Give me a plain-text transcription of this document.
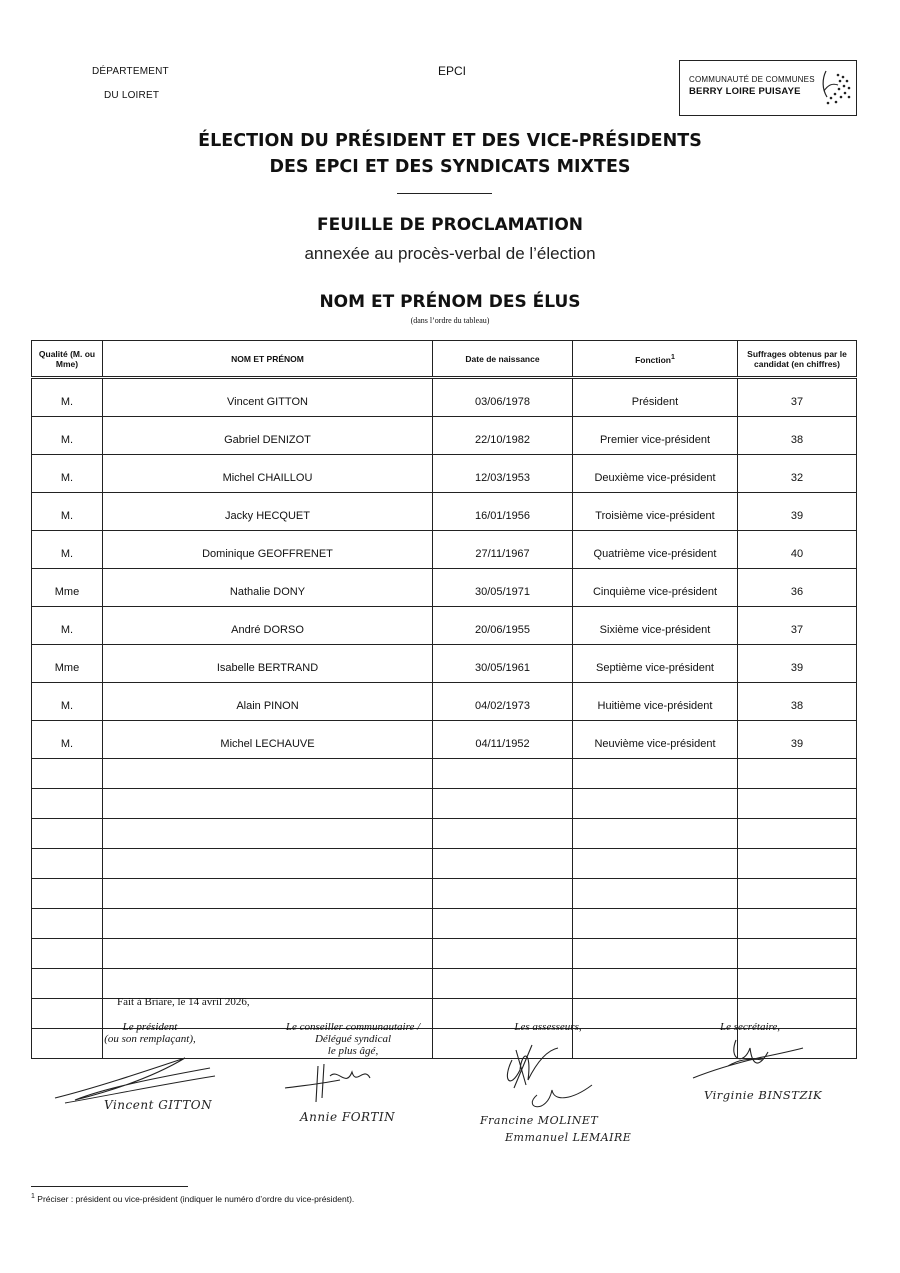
DÉPARTEMENT
DU LOIRET
EPCI
COMMUNAUTÉ DE COMMUNES
BERRY LOIRE PUISAYE
ÉLECTION DU PRÉSIDENT ET DES VICE-PRÉSIDENTS
DES EPCI ET DES SYNDICATS MIXTES
FEUILLE DE PROCLAMATION
annexée au procès-verbal de l’élection
NOM ET PRÉNOM DES ÉLUS
(dans l’ordre du tableau)
Qualité (M. ou Mme)	NOM ET PRÉNOM	Date de naissance	Fonction$^1$	Suffrages obtenus par le candidat (en chiffres)
M.	Vincent GITTON	03/06/1978	Président	37
M.	Gabriel DENIZOT	22/10/1982	Premier vice-président	38
M.	Michel CHAILLOU	12/03/1953	Deuxième vice-président	32
M.	Jacky HECQUET	16/01/1956	Troisième vice-président	39
M.	Dominique GEOFFRENET	27/11/1967	Quatrième vice-président	40
Mme	Nathalie DONY	30/05/1971	Cinquième vice-président	36
M.	André DORSO	20/06/1955	Sixième vice-président	37
Mme	Isabelle BERTRAND	30/05/1961	Septième vice-président	39
M.	Alain PINON	04/02/1973	Huitième vice-président	38
M.	Michel LECHAUVE	04/11/1952	Neuvième vice-président	39

Fait à Briare, le 14 avril 2026,
Le président
(ou son remplaçant),
Le conseiller communautaire /
Délégué syndical
le plus âgé,
Les assesseurs,	Le secrétaire,
Vincent GITTON
Annie FORTIN	Francine MOLINET
Emmanuel LEMAIRE
Virginie BINSTZIK
$^1$ Préciser : président ou vice-président (indiquer le numéro d’ordre du vice-président).
